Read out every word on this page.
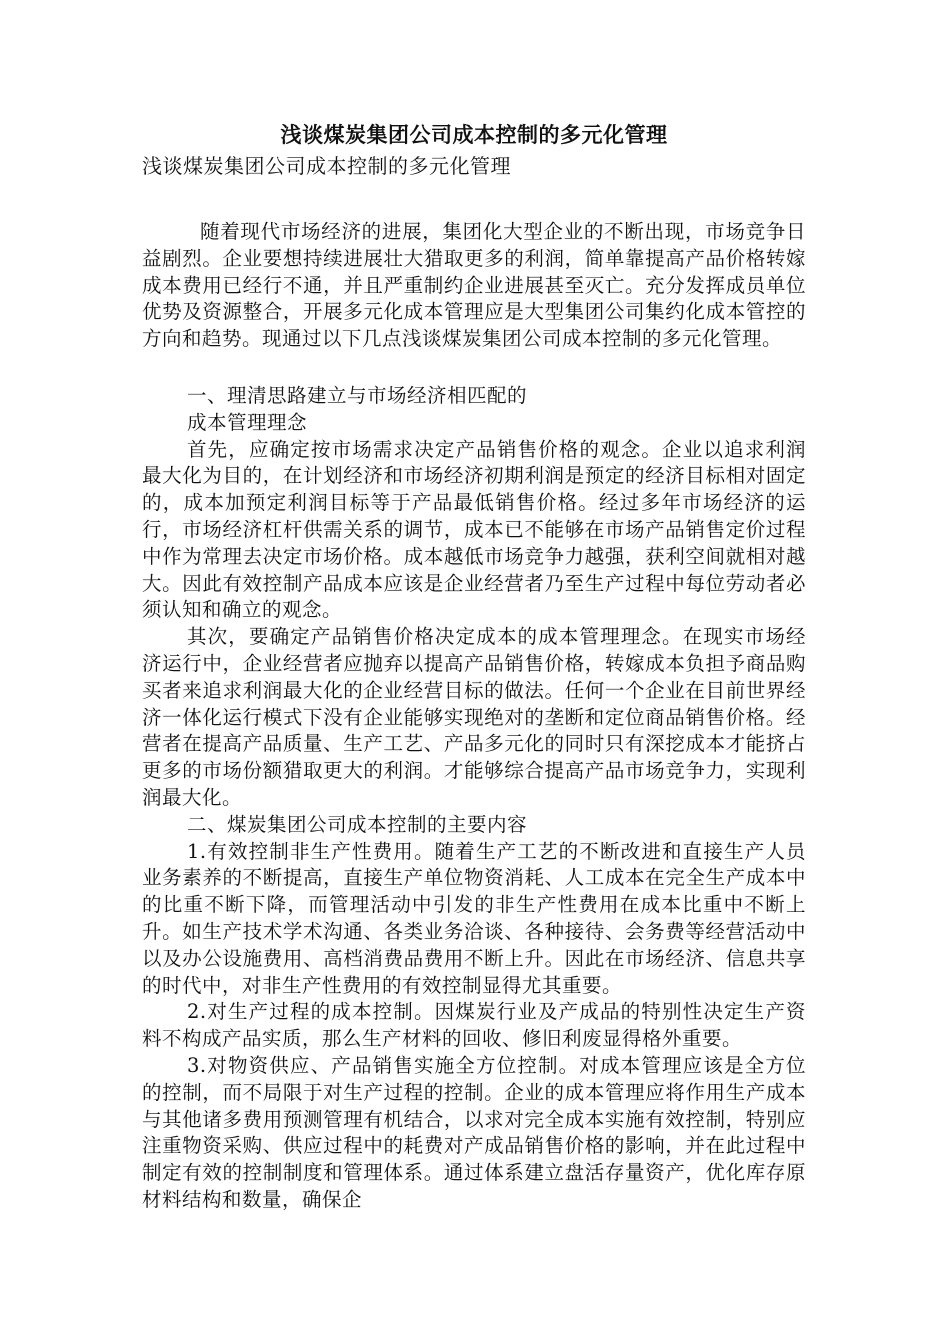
浅谈煤炭集团公司成本控制的多元化管理

浅谈煤炭集团公司成本控制的多元化管理

随着现代市场经济的进展，集团化大型企业的不断出现，市场竞争日益剧烈。企业要想持续进展壮大猎取更多的利润，简单靠提高产品价格转嫁成本费用已经行不通，并且严重制约企业进展甚至灭亡。充分发挥成员单位优势及资源整合，开展多元化成本管理应是大型集团公司集约化成本管控的方向和趋势。现通过以下几点浅谈煤炭集团公司成本控制的多元化管理。

一、理清思路建立与市场经济相匹配的

成本管理理念

首先，应确定按市场需求决定产品销售价格的观念。企业以追求利润最大化为目的，在计划经济和市场经济初期利润是预定的经济目标相对固定的，成本加预定利润目标等于产品最低销售价格。经过多年市场经济的运行，市场经济杠杆供需关系的调节，成本已不能够在市场产品销售定价过程中作为常理去决定市场价格。成本越低市场竞争力越强，获利空间就相对越大。因此有效控制产品成本应该是企业经营者乃至生产过程中每位劳动者必须认知和确立的观念。

其次，要确定产品销售价格决定成本的成本管理理念。在现实市场经济运行中，企业经营者应抛弃以提高产品销售价格，转嫁成本负担予商品购买者来追求利润最大化的企业经营目标的做法。任何一个企业在目前世界经济一体化运行模式下没有企业能够实现绝对的垄断和定位商品销售价格。经营者在提高产品质量、生产工艺、产品多元化的同时只有深挖成本才能挤占更多的市场份额猎取更大的利润。才能够综合提高产品市场竞争力，实现利润最大化。

二、煤炭集团公司成本控制的主要内容

1.有效控制非生产性费用。随着生产工艺的不断改进和直接生产人员业务素养的不断提高，直接生产单位物资消耗、人工成本在完全生产成本中的比重不断下降，而管理活动中引发的非生产性费用在成本比重中不断上升。如生产技术学术沟通、各类业务洽谈、各种接待、会务费等经营活动中以及办公设施费用、高档消费品费用不断上升。因此在市场经济、信息共享的时代中，对非生产性费用的有效控制显得尤其重要。

2.对生产过程的成本控制。因煤炭行业及产成品的特别性决定生产资料不构成产品实质，那么生产材料的回收、修旧利废显得格外重要。

3.对物资供应、产品销售实施全方位控制。对成本管理应该是全方位的控制，而不局限于对生产过程的控制。企业的成本管理应将作用生产成本与其他诸多费用预测管理有机结合，以求对完全成本实施有效控制，特别应注重物资采购、供应过程中的耗费对产成品销售价格的影响，并在此过程中制定有效的控制制度和管理体系。通过体系建立盘活存量资产，优化库存原材料结构和数量，确保企
